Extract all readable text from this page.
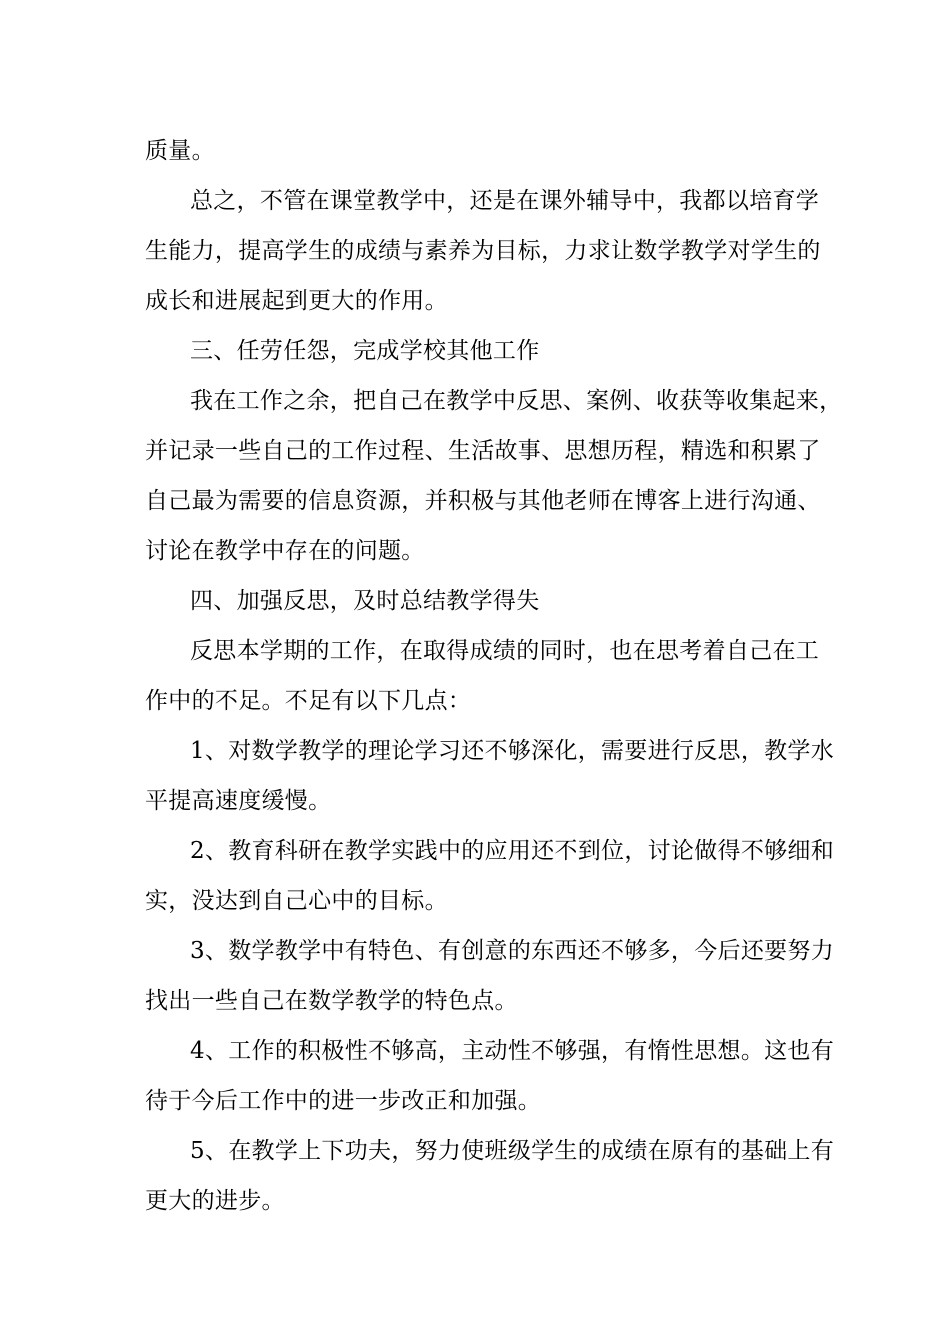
质量。
总之，不管在课堂教学中，还是在课外辅导中，我都以培育学
生能力，提高学生的成绩与素养为目标，力求让数学教学对学生的
成长和进展起到更大的作用。
三、任劳任怨，完成学校其他工作
我在工作之余，把自己在教学中反思、案例、收获等收集起来，
并记录一些自己的工作过程、生活故事、思想历程，精选和积累了
自己最为需要的信息资源，并积极与其他老师在博客上进行沟通、
讨论在教学中存在的问题。
四、加强反思，及时总结教学得失
反思本学期的工作，在取得成绩的同时，也在思考着自己在工
作中的不足。不足有以下几点：
1、对数学教学的理论学习还不够深化，需要进行反思，教学水
平提高速度缓慢。
2、教育科研在教学实践中的应用还不到位，讨论做得不够细和
实，没达到自己心中的目标。
3、数学教学中有特色、有创意的东西还不够多，今后还要努力
找出一些自己在数学教学的特色点。
4、工作的积极性不够高，主动性不够强，有惰性思想。这也有
待于今后工作中的进一步改正和加强。
5、在教学上下功夫，努力使班级学生的成绩在原有的基础上有
更大的进步。
